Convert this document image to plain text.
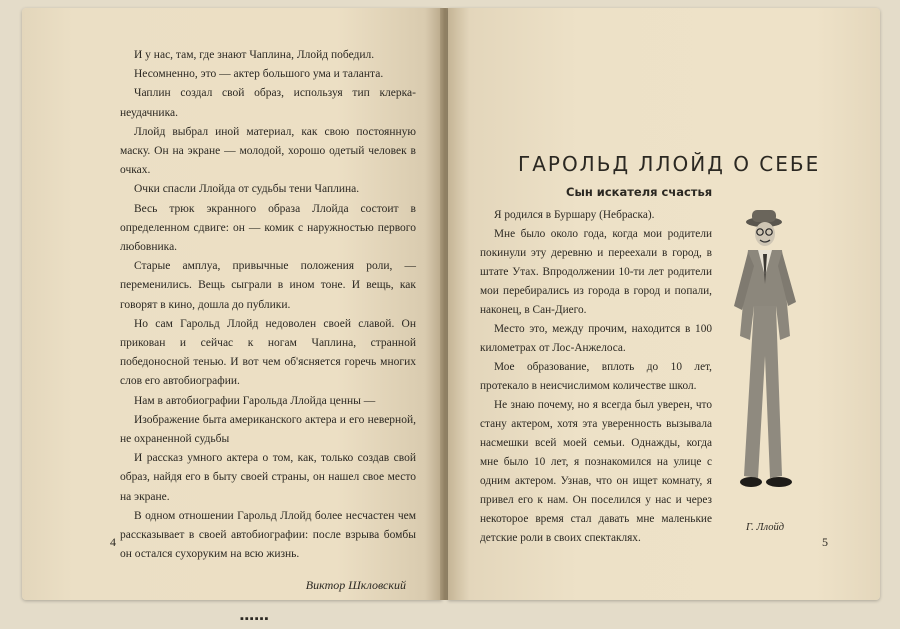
И у нас, там, где знают Чаплина, Ллойд победил.

Несомненно, это — актер большого ума и таланта.

Чаплин создал свой образ, используя тип клерка-неудачника.

Ллойд выбрал иной материал, как свою постоянную маску. Он на экране — молодой, хорошо одетый человек в очках.

Очки спасли Ллойда от судьбы тени Чаплина.

Весь трюк экранного образа Ллойда состоит в определенном сдвиге: он — комик с наружностью первого любовника.

Старые амплуа, привычные положения роли, — переменились. Вещь сыграли в ином тоне. И вещь, как говорят в кино, дошла до публики.

Но сам Гарольд Ллойд недоволен своей славой. Он прикован и сейчас к ногам Чаплина, странной победоносной тенью. И вот чем об'ясняется горечь многих слов его автобиографии.

Нам в автобиографии Гарольда Ллойда ценны —

Изображение быта американского актера и его неверной, не охраненной судьбы

И рассказ умного актера о том, как, только создав свой образ, найдя его в быту своей страны, он нашел свое место на экране.

В одном отношении Гарольд Ллойд более несчастен чем рассказывает в своей автобиографии: после взрыва бомбы он остался сухоруким на всю жизнь.

Виктор Шкловский
▪▪▪▪▪▪
4
ГАРОЛЬД ЛЛОЙД О СЕБЕ
Сын искателя счастья

Я родился в Буршару (Небраска).

Мне было около года, когда мои родители покинули эту деревню и переехали в город, в штате Утах. Впродолжении 10-ти лет родители мои перебирались из города в город и попали, наконец, в Сан-Диего.

Место это, между прочим, находится в 100 километрах от Лос-Анжелоса.

Мое образование, вплоть до 10 лет, протекало в неисчислимом количестве школ.

Не знаю почему, но я всегда был уверен, что стану актером, хотя эта уверенность вызывала насмешки всей моей семьи. Однажды, когда мне было 10 лет, я познакомился на улице с одним актером. Узнав, что он ищет комнату, я привел его к нам. Он поселился у нас и через некоторое время стал давать мне маленькие детские роли в своих спектаклях.

Г. Ллойд
5
